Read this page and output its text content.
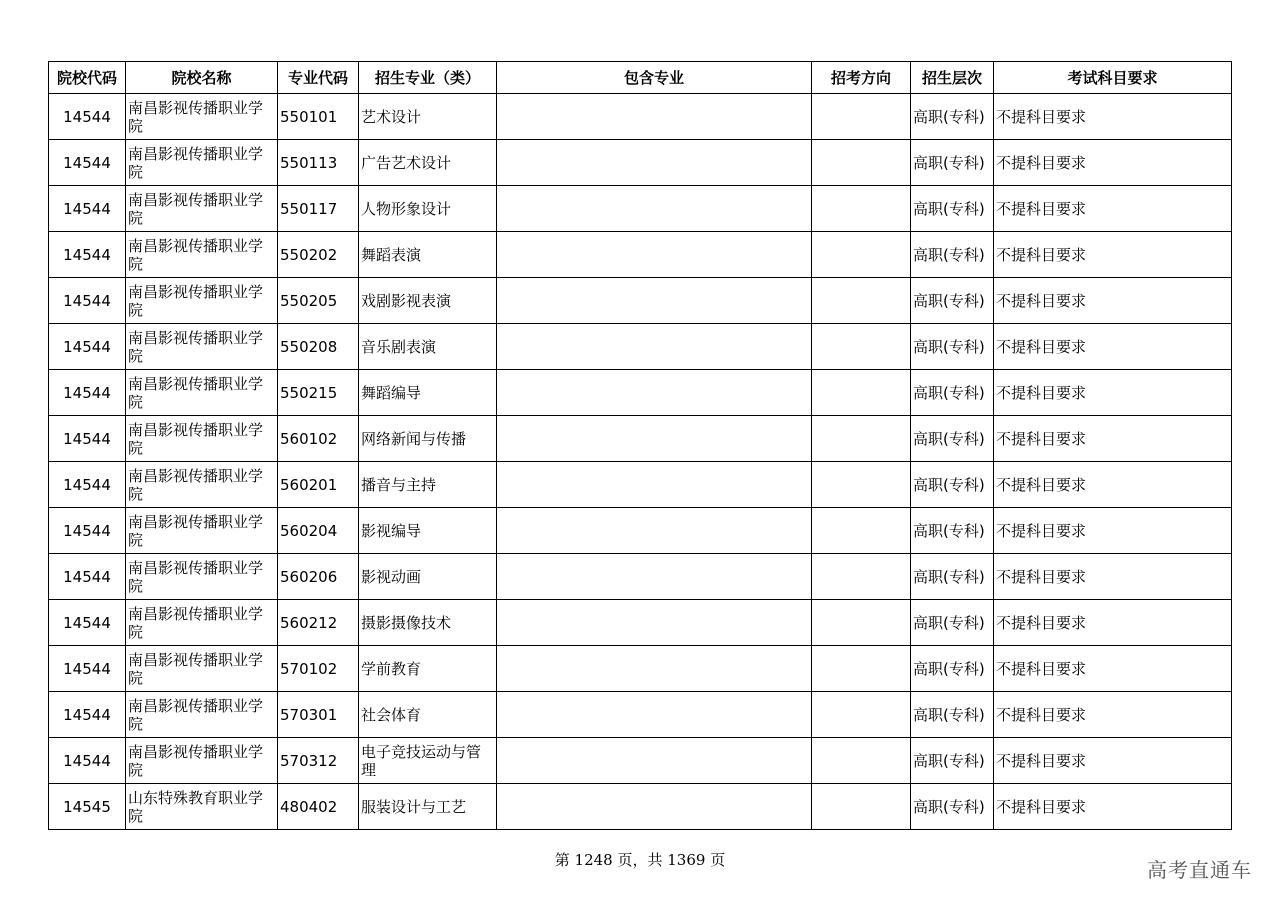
院校代码	院校名称	专业代码	招生专业（类）	包含专业	招考方向	招生层次	考试科目要求
14544	南昌影视传播职业学院	550101	艺术设计			高职(专科)	不提科目要求
14544	南昌影视传播职业学院	550113	广告艺术设计			高职(专科)	不提科目要求
14544	南昌影视传播职业学院	550117	人物形象设计			高职(专科)	不提科目要求
14544	南昌影视传播职业学院	550202	舞蹈表演			高职(专科)	不提科目要求
14544	南昌影视传播职业学院	550205	戏剧影视表演			高职(专科)	不提科目要求
14544	南昌影视传播职业学院	550208	音乐剧表演			高职(专科)	不提科目要求
14544	南昌影视传播职业学院	550215	舞蹈编导			高职(专科)	不提科目要求
14544	南昌影视传播职业学院	560102	网络新闻与传播			高职(专科)	不提科目要求
14544	南昌影视传播职业学院	560201	播音与主持			高职(专科)	不提科目要求
14544	南昌影视传播职业学院	560204	影视编导			高职(专科)	不提科目要求
14544	南昌影视传播职业学院	560206	影视动画			高职(专科)	不提科目要求
14544	南昌影视传播职业学院	560212	摄影摄像技术			高职(专科)	不提科目要求
14544	南昌影视传播职业学院	570102	学前教育			高职(专科)	不提科目要求
14544	南昌影视传播职业学院	570301	社会体育			高职(专科)	不提科目要求
14544	南昌影视传播职业学院	570312	电子竞技运动与管理			高职(专科)	不提科目要求
14545	山东特殊教育职业学院	480402	服装设计与工艺			高职(专科)	不提科目要求
第 1248 页，共 1369 页	高考直通车
